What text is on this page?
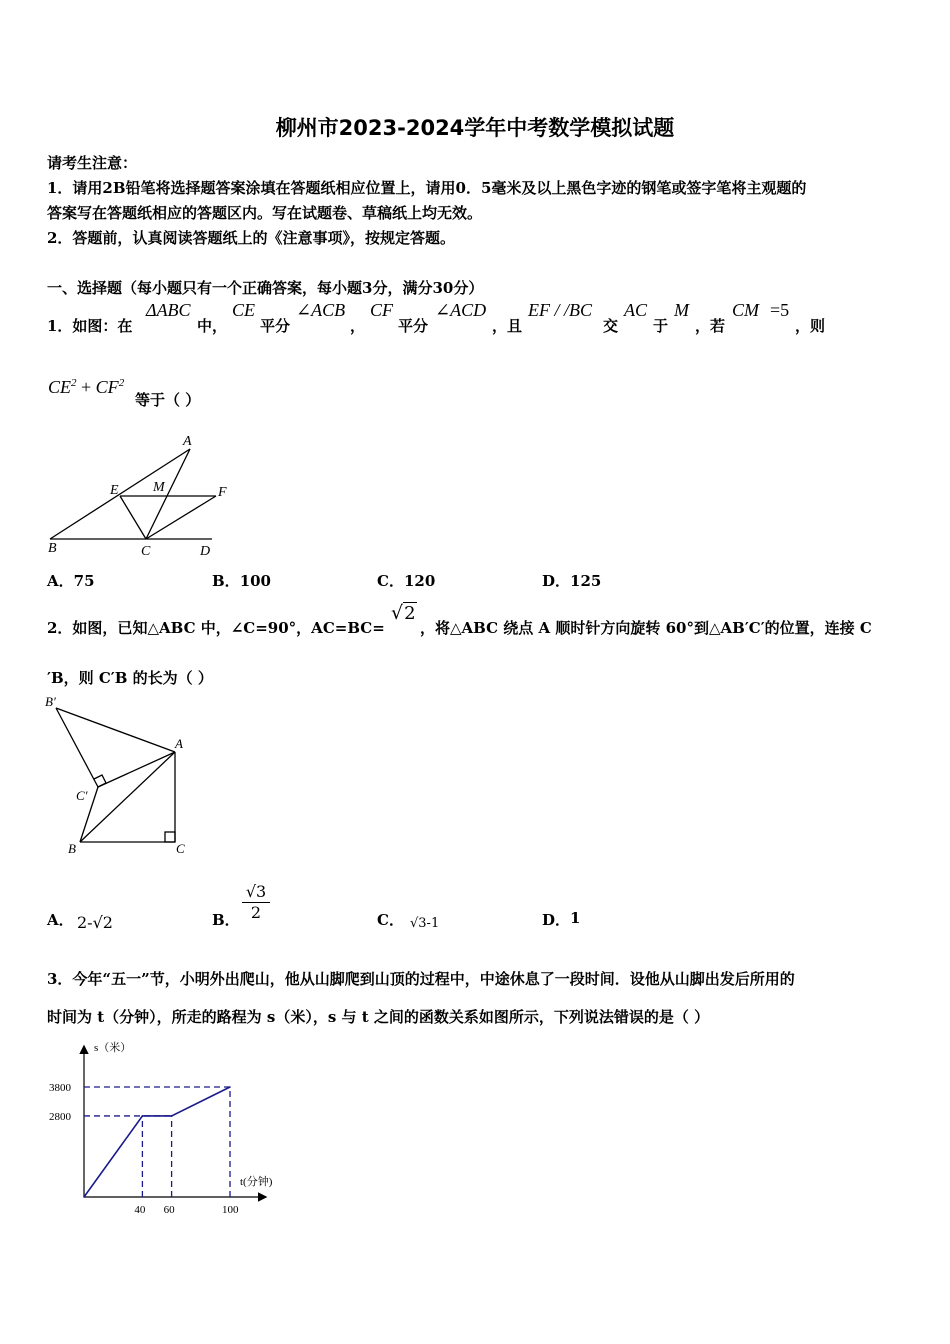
柳州市2023-2024学年中考数学模拟试题
请考生注意：
1．请用2B铅笔将选择题答案涂填在答题纸相应位置上，请用0．5毫米及以上黑色字迹的钢笔或签字笔将主观题的
答案写在答题纸相应的答题区内。写在试题卷、草稿纸上均无效。
2．答题前，认真阅读答题纸上的《注意事项》，按规定答题。
一、选择题（每小题只有一个正确答案，每小题3分，满分30分）
1．如图：在
ΔABC
中，
CE
平分
∠ACB
，
CF
平分
∠ACD
，且
EF / /BC
交
AC
于
M
，若
CM =5
，则
$CE^2 + CF^2$
等于（ ）
A
E M	F
B	C	D
A．75	B．100	C．120	D．125
2．如图，已知△ABC 中，∠C=90°，AC=BC=
√2
，将△ABC 绕点 A 顺时针方向旋转 60°到△AB′C′的位置，连接 C
′B，则 C′B 的长为（ ）
B′
A
C′
B	C
A． 2-√2	B． $\frac{√3}{2}$	C． √3-1	D． 1
3．今年“五一”节，小明外出爬山，他从山脚爬到山顶的过程中，中途休息了一段时间．设他从山脚出发后所用的
时间为 t（分钟），所走的路程为 s（米），s 与 t 之间的函数关系如图所示，下列说法错误的是（ ）
s（米）
t(分钟)
2800
3800
40 60	100
